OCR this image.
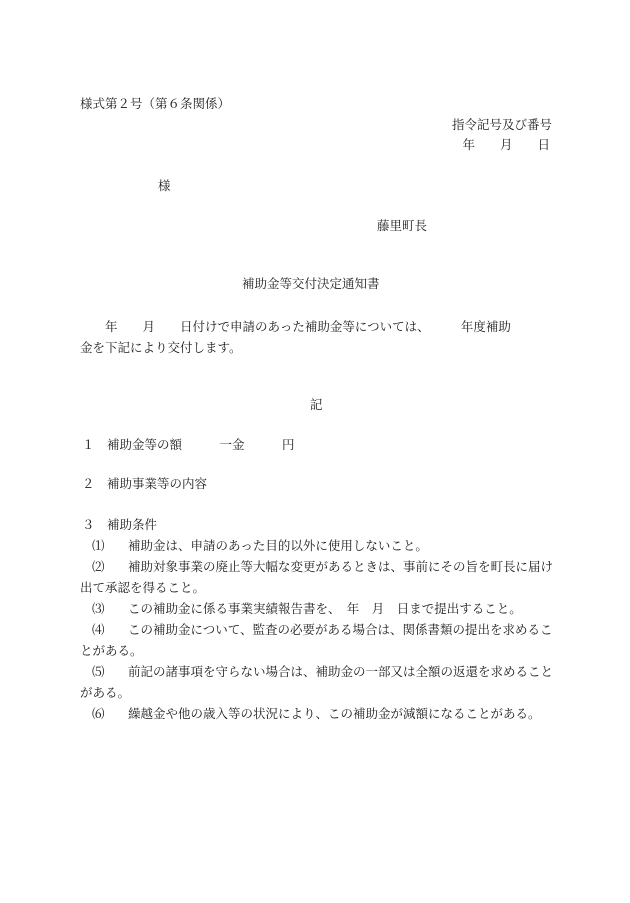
様式第２号（第６条関係）
指令記号及び番号
年　　月　　日
様
藤里町長
補助金等交付決定通知書
　　年　　月　　日付けで申請のあった補助金等については、　　　年度補助
金を下記により交付します。
記
１　補助金等の額　　　一金　　　円
２　補助事業等の内容
３　補助条件
⑴ 補助金は、申請のあった目的以外に使用しないこと。
⑵ 補助対象事業の廃止等大幅な変更があるときは、事前にその旨を町長に届け出て承認を得ること。
⑶ この補助金に係る事業実績報告書を、　年　月　日まで提出すること。
⑷ この補助金について、監査の必要がある場合は、関係書類の提出を求めることがある。
⑸ 前記の諸事項を守らない場合は、補助金の一部又は全額の返還を求めることがある。
⑹ 繰越金や他の歳入等の状況により、この補助金が減額になることがある。
